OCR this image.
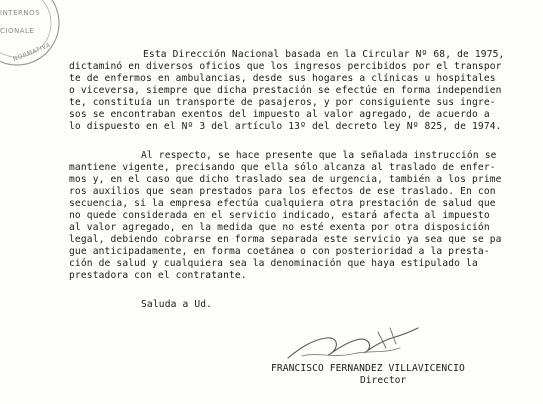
INTERNOS
CIONALE
NORMATIVA	Esta Dirección Nacional basada en la Circular Nº 68, de 1975,
dictaminó en diversos oficios que los ingresos percibidos por el transpor
te de enfermos en ambulancias, desde sus hogares a clínicas u hospitales
o viceversa, siempre que dicha prestación se efectúe en forma independien
te, constituía un transporte de pasajeros, y por consiguiente sus ingre-
sos se encontraban exentos del impuesto al valor agregado, de acuerdo a
lo dispuesto en el Nº 3 del artículo 13º del decreto ley Nº 825, de 1974.
Al respecto, se hace presente que la señalada instrucción se
mantiene vigente, precisando que ella sólo alcanza al traslado de enfer-
mos y, en el caso que dicho traslado sea de urgencia, también a los prime
ros auxilios que sean prestados para los efectos de ese traslado. En con
secuencia, si la empresa efectúa cualquiera otra prestación de salud que
no quede considerada en el servicio indicado, estará afecta al impuesto
al valor agregado, en la medida que no esté exenta por otra disposición
legal, debiendo cobrarse en forma separada este servicio ya sea que se pa
gue anticipadamente, en forma coetánea o con posterioridad a la presta-
ción de salud y cualquiera sea la denominación que haya estipulado la
prestadora con el contratante.
Saluda a Ud.
FRANCISCO FERNANDEZ VILLAVICENCIO
Director
